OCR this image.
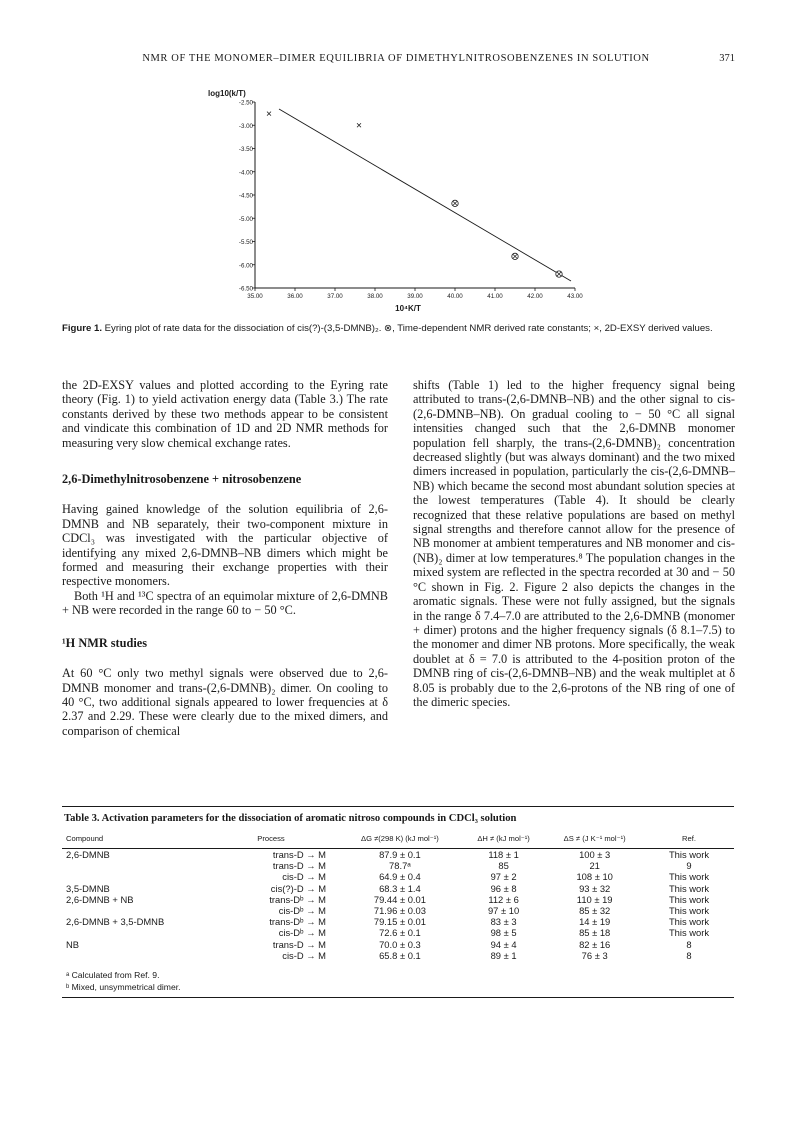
NMR OF THE MONOMER–DIMER EQUILIBRIA OF DIMETHYLNITROSOBENZENES IN SOLUTION	371
log10(k/T)
-2.50
-3.00
-3.50
-4.00
-4.50
-5.00
-5.50
-6.00
-6.50
35.00	36.00	37.00	38.00	39.00	40.00	41.00	42.00	43.00
10⁴K/T
Figure 1. Eyring plot of rate data for the dissociation of cis(?)-(3,5-DMNB)₂. ⊗, Time-dependent NMR derived rate constants; ×, 2D-EXSY derived values.

the 2D-EXSY values and plotted according to the Eyring rate theory (Fig. 1) to yield activation energy data (Table 3.) The rate constants derived by these two methods appear to be consistent and vindicate this combination of 1D and 2D NMR methods for measuring very slow chemical exchange rates.

2,6-Dimethylnitrosobenzene + nitrosobenzene

Having gained knowledge of the solution equilibria of 2,6-DMNB and NB separately, their two-component mixture in CDCl₃ was investigated with the particular objective of identifying any mixed 2,6-DMNB–NB dimers which might be formed and measuring their exchange properties with their respective monomers.

Both ¹H and ¹³C spectra of an equimolar mixture of 2,6-DMNB + NB were recorded in the range 60 to − 50 °C.

¹H NMR studies

At 60 °C only two methyl signals were observed due to 2,6-DMNB monomer and trans-(2,6-DMNB)₂ dimer. On cooling to 40 °C, two additional signals appeared to lower frequencies at δ 2.37 and 2.29. These were clearly due to the mixed dimers, and comparison of chemical

shifts (Table 1) led to the higher frequency signal being attributed to trans-(2,6-DMNB–NB) and the other signal to cis-(2,6-DMNB–NB). On gradual cooling to − 50 °C all signal intensities changed such that the 2,6-DMNB monomer population fell sharply, the trans-(2,6-DMNB)₂ concentration decreased slightly (but was always dominant) and the two mixed dimers increased in population, particularly the cis-(2,6-DMNB–NB) which became the second most abundant solution species at the lowest temperatures (Table 4). It should be clearly recognized that these relative populations are based on methyl signal strengths and therefore cannot allow for the presence of NB monomer at ambient temperatures and NB monomer and cis-(NB)₂ dimer at low temperatures.⁸ The population changes in the mixed system are reflected in the spectra recorded at 30 and − 50 °C shown in Fig. 2. Figure 2 also depicts the changes in the aromatic signals. These were not fully assigned, but the signals in the range δ 7.4–7.0 are attributed to the 2,6-DMNB (monomer + dimer) protons and the higher frequency signals (δ 8.1–7.5) to the monomer and dimer NB protons. More specifically, the weak doublet at δ = 7.0 is attributed to the 4-position proton of the DMNB ring of cis-(2,6-DMNB–NB) and the weak multiplet at δ 8.05 is probably due to the 2,6-protons of the NB ring of one of the dimeric species.

Table 3. Activation parameters for the dissociation of aromatic nitroso compounds in CDCl₃ solution
Compound	Process	ΔG ≠(298 K) (kJ mol⁻¹)	ΔH ≠ (kJ mol⁻¹)	ΔS ≠ (J K⁻¹ mol⁻¹)	Ref.
2,6-DMNB	trans-D → M	87.9 ± 0.1	118 ± 1	100 ± 3	This work
	trans-D → M	78.7ᵃ	85	21	9
	cis-D → M	64.9 ± 0.4	97 ± 2	108 ± 10	This work
3,5-DMNB	cis(?)-D → M	68.3 ± 1.4	96 ± 8	93 ± 32	This work
2,6-DMNB + NB	trans-Dᵇ → M	79.44 ± 0.01	112 ± 6	110 ± 19	This work
	cis-Dᵇ → M	71.96 ± 0.03	97 ± 10	85 ± 32	This work
2,6-DMNB + 3,5-DMNB	trans-Dᵇ → M	79.15 ± 0.01	83 ± 3	14 ± 19	This work
	cis-Dᵇ → M	72.6 ± 0.1	98 ± 5	85 ± 18	This work
NB	trans-D → M	70.0 ± 0.3	94 ± 4	82 ± 16	8
	cis-D → M	65.8 ± 0.1	89 ± 1	76 ± 3	8

ᵃ Calculated from Ref. 9.
ᵇ Mixed, unsymmetrical dimer.
